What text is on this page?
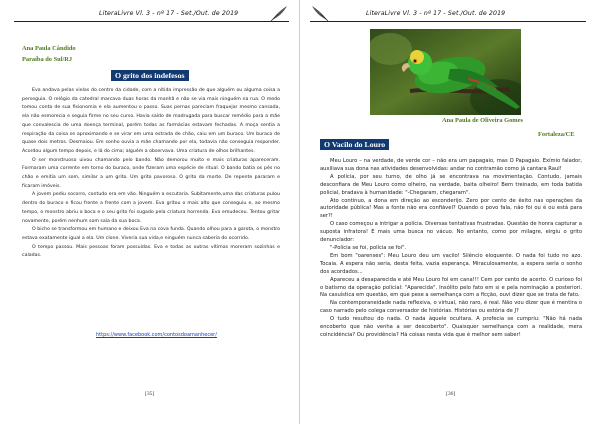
LiteraLivre Vl. 3 - nº 17 - Set./Out. de 2019
Ana Paula Cândido
Paraíba do Sul/RJ
O grito dos indefesos

Eva andava pelas vielas do centro da cidade, com a nítida impressão de que alguém ou alguma coisa a perseguia. O relógio da catedral marcava duas horas da manhã e não se via mais ninguém na rua. O medo tomou conta de sua fisionomia e ela aumentou o passo. Suas pernas pareciam fraquejar mesmo cansada, ela não esmorecia e seguia firme no seu curso. Havia saído de madrugada para buscar remédio para a mãe que convalescia de uma doença terminal, porém todas as farmácias estavam fechadas. A moça sentia a respiração da coisa se aproximando e se virar em uma estrada de chão, caiu em um buraco. Um buraco de quase dois metros. Desmaiou. Em sonho ouvia a mãe chamando por ela, todavia não conseguia responder. Acordou algum tempo depois, e lá do cima; alguém a observava. Uma criatura de olhos brilhantes.

O ser monstruoso uivou chamando pelo bando. Não demorou muito e mais criaturas apareceram. Formaram uma corrente em torno do buraco, onde fizeram uma espécie de ritual. O bando batia os pés no chão e emitia um som, similar a um grito. Um grito pavoroso. O grito da morte. De repente pararam e ficaram imóveis.

A jovem pediu socorro, contudo era em vão. Ninguém a escutaria. Subitamente,uma das criaturas pulou dentro do buraco e ficou frente a frente com a jovem. Eva gritou o mais alto que conseguiu e, ao mesmo tempo, o monstro abriu a boca e o seu grito foi sugado pela criatura horrenda. Eva emudeceu. Tentou gritar novamente, porém nenhum som saía da sua boca.

O bicho se transformou em humano e deixou Eva na cova funda. Quando olhou para a garota, o monstro estava exatamente igual a ela. Um clone. Viveria sua vida,e ninguém nunca saberia do ocorrido.

O tempo passou. Mais pessoas foram possuídas. Eva e todas as outras vítimas moreram sozinhas e caladas.

https://www.facebook.com/contosdoamanhecer/
[35]
LiteraLivre Vl. 3 - nº 17 - Set./Out. de 2019
Ana Paula de Oliveira Gomes
Fortaleza/CE
O Vacilo do Louro

Meu Louro – na verdade, de verde cor – não era um papagaio, mas O Papagaio. Exímio falador, auxiliava sua dona nas atividades desenvolvidas: andar no contramão como já cantara Raul!

A polícia, por seu turno, de olho já se encontrava na movimentação. Contudo, jamais desconfiara de Meu Louro como olheiro, na verdade, baita olheiro! Bem treinado, em toda batida policial, bradava à humanidade: "-Chegaram, chegaram".

Ato contínuo, a dona em direção ao esconderijo. Zero por cento de êxito nas operações da autoridade pública! Mas a fonte não era confiável? Quando o povo fala, não foi ou é ou está para ser?!

O caso começou a intrigar a polícia. Diversas tentativas frustradas. Questão de honra capturar a suposta infratora! E mais uma busca no vácuo. No entanto, como por milagre, eirgiu o grito denunciador:

"-Polícia se foi, polícia se foi".

Em bom "oarenses": Meu Louro deu um vacilo! Silêncio eloquente. O nada foi tudo no azo. Tocaia. A espera não seria, desta feita, vazia esperança. Miraculosamente, a espera seria o sonho dos acordados...

Apareceu a desaparecida e até Meu Louro foi em cana!!! Cem por cento de acerto. O curioso foi o batismo da operação policial: "Aparecida". Insólito pelo fato em si e pela nominação a posteriori. Na casuística em questão, em que pese a semelhança com a ficção, ouvi dizer que se trata de fato.

Na contemporaneidade nada reflexiva, o virtual, não raro, é real. Não vou dizer que é mentira o caso narrado pelo colega conversador de histórias. Histórias ou estória de J?

O tudo resultou do nada. O nada àquele ocultara. A profecia se cumpriu: "Não há nada encoberto que não venha a ser descoberto". Quaisquer semelhança com a realidade, mera coincidência? Ou providência? Há coisas nesta vida que é melhor sem saber!

[36]
